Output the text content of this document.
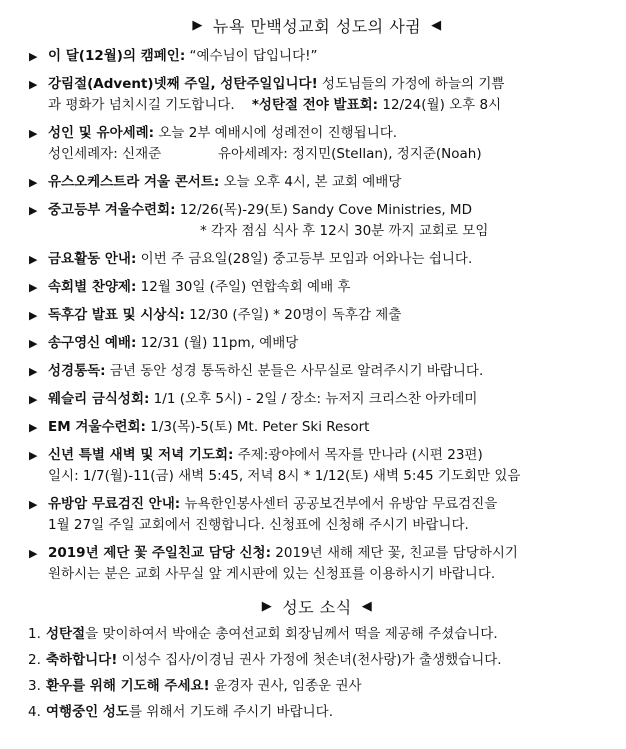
▶ 뉴욕 만백성교회 성도의 사귐 ◀
▶ 이 달(12월)의 캠페인: “예수님이 답입니다!”
▶ 강림절(Advent)넷째 주일, 성탄주일입니다! 성도님들의 가정에 하늘의 기쁨
과 평화가 넘치시길 기도합니다. *성탄절 전야 발표회: 12/24(월) 오후 8시
▶ 성인 및 유아세례: 오늘 2부 예배시에 성례전이 진행됩니다.
성인세례자: 신재준	유아세례자: 정지민(Stellan), 정지준(Noah)
▶ 유스오케스트라 겨울 콘서트: 오늘 오후 4시, 본 교회 예배당
▶ 중고등부 겨울수련회: 12/26(목)-29(토) Sandy Cove Ministries, MD
* 각자 점심 식사 후 12시 30분 까지 교회로 모임
▶ 금요활동 안내: 이번 주 금요일(28일) 중고등부 모임과 어와나는 쉽니다.
▶ 속회별 찬양제: 12월 30일 (주일) 연합속회 예배 후
▶ 독후감 발표 및 시상식: 12/30 (주일) * 20명이 독후감 제출
▶ 송구영신 예배: 12/31 (월) 11pm, 예배당
▶ 성경통독: 금년 동안 성경 통독하신 분들은 사무실로 알려주시기 바랍니다.
▶ 웨슬리 금식성회: 1/1 (오후 5시) - 2일 / 장소: 뉴저지 크리스찬 아카데미
▶ EM 겨울수련회: 1/3(목)-5(토) Mt. Peter Ski Resort
▶ 신년 특별 새벽 및 저녁 기도회: 주제:광야에서 목자를 만나라 (시편 23편)
일시: 1/7(월)-11(금) 새벽 5:45, 저녁 8시 * 1/12(토) 새벽 5:45 기도회만 있음
▶ 유방암 무료검진 안내: 뉴욕한인봉사센터 공공보건부에서 유방암 무료검진을
1월 27일 주일 교회에서 진행합니다. 신청표에 신청해 주시기 바랍니다.
▶ 2019년 제단 꽃 주일친교 담당 신청: 2019년 새해 제단 꽃, 친교를 담당하시기
원하시는 분은 교회 사무실 앞 게시판에 있는 신청표를 이용하시기 바랍니다.
▶ 성도 소식 ◀
1. 성탄절을 맞이하여서 박애순 총여선교회 회장님께서 떡을 제공해 주셨습니다.
2. 축하합니다! 이성수 집사/이경님 권사 가정에 첫손녀(천사랑)가 출생했습니다.
3. 환우를 위해 기도해 주세요! 윤경자 권사, 임종운 권사
4. 여행중인 성도를 위해서 기도해 주시기 바랍니다.
